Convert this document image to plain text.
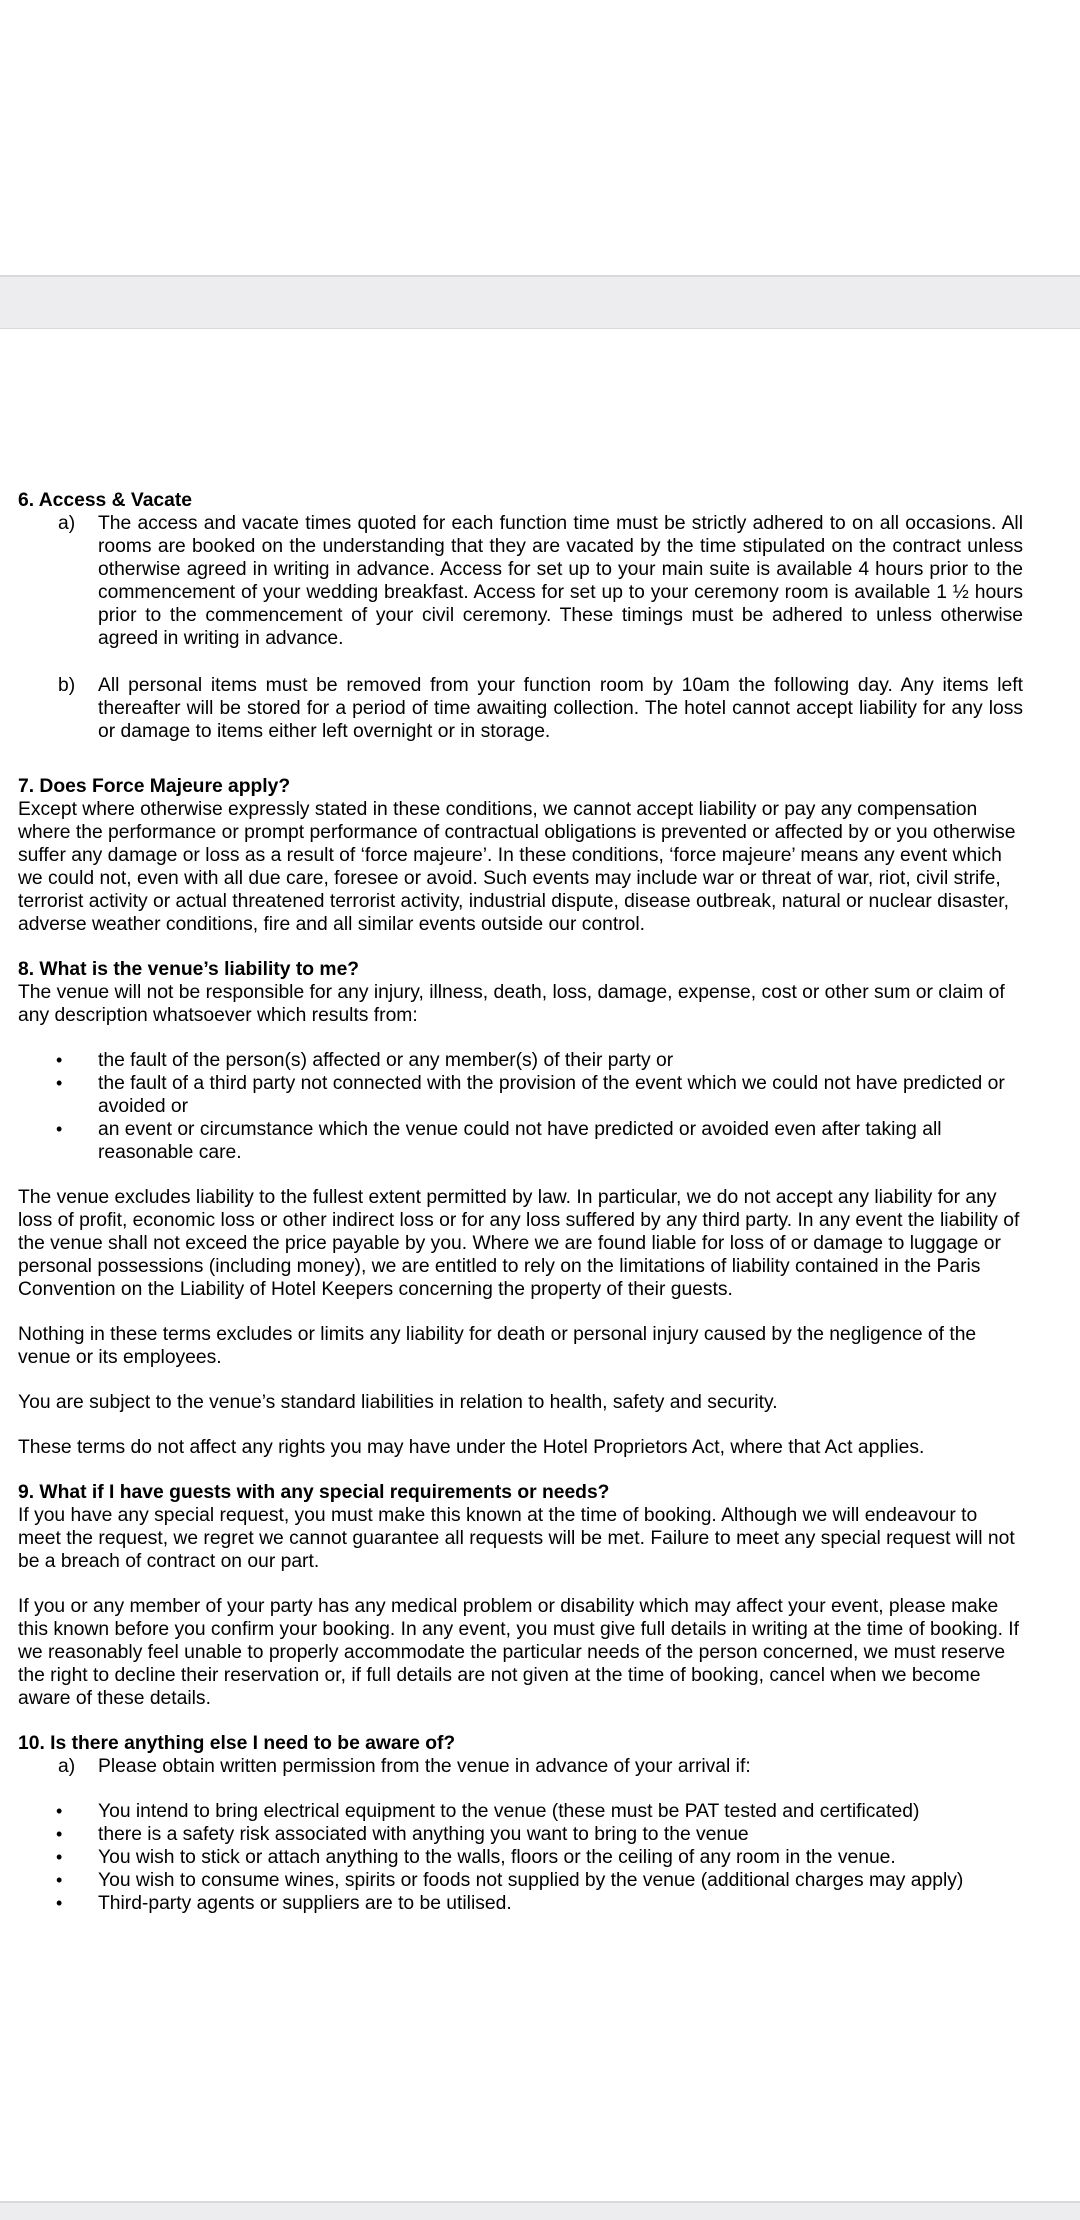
6. Access & Vacate

a)	The access and vacate times quoted for each function time must be strictly adhered to on all occasions. All rooms are booked on the understanding that they are vacated by the time stipulated on the contract unless otherwise agreed in writing in advance. Access for set up to your main suite is available 4 hours prior to the commencement of your wedding breakfast. Access for set up to your ceremony room is available 1 ½ hours prior to the commencement of your civil ceremony. These timings must be adhered to unless otherwise agreed in writing in advance.
b)	All personal items must be removed from your function room by 10am the following day. Any items left thereafter will be stored for a period of time awaiting collection. The hotel cannot accept liability for any loss or damage to items either left overnight or in storage.

7. Does Force Majeure apply?

Except where otherwise expressly stated in these conditions, we cannot accept liability or pay any compensation where the performance or prompt performance of contractual obligations is prevented or affected by or you otherwise suffer any damage or loss as a result of ‘force majeure’. In these conditions, ‘force majeure’ means any event which we could not, even with all due care, foresee or avoid. Such events may include war or threat of war, riot, civil strife, terrorist activity or actual threatened terrorist activity, industrial dispute, disease outbreak, natural or nuclear disaster, adverse weather conditions, fire and all similar events outside our control.

8. What is the venue’s liability to me?

The venue will not be responsible for any injury, illness, death, loss, damage, expense, cost or other sum or claim of any description whatsoever which results from:

•	the fault of the person(s) affected or any member(s) of their party or
•	the fault of a third party not connected with the provision of the event which we could not have predicted or avoided or
•	an event or circumstance which the venue could not have predicted or avoided even after taking all reasonable care.

The venue excludes liability to the fullest extent permitted by law. In particular, we do not accept any liability for any loss of profit, economic loss or other indirect loss or for any loss suffered by any third party. In any event the liability of the venue shall not exceed the price payable by you. Where we are found liable for loss of or damage to luggage or personal possessions (including money), we are entitled to rely on the limitations of liability contained in the Paris Convention on the Liability of Hotel Keepers concerning the property of their guests.

Nothing in these terms excludes or limits any liability for death or personal injury caused by the negligence of the venue or its employees.

You are subject to the venue’s standard liabilities in relation to health, safety and security.

These terms do not affect any rights you may have under the Hotel Proprietors Act, where that Act applies.

9. What if I have guests with any special requirements or needs?

If you have any special request, you must make this known at the time of booking. Although we will endeavour to meet the request, we regret we cannot guarantee all requests will be met. Failure to meet any special request will not be a breach of contract on our part.

If you or any member of your party has any medical problem or disability which may affect your event, please make this known before you confirm your booking. In any event, you must give full details in writing at the time of booking. If we reasonably feel unable to properly accommodate the particular needs of the person concerned, we must reserve the right to decline their reservation or, if full details are not given at the time of booking, cancel when we become aware of these details.

10. Is there anything else I need to be aware of?

a)	Please obtain written permission from the venue in advance of your arrival if:
•	You intend to bring electrical equipment to the venue (these must be PAT tested and certificated)
•	there is a safety risk associated with anything you want to bring to the venue
•	You wish to stick or attach anything to the walls, floors or the ceiling of any room in the venue.
•	You wish to consume wines, spirits or foods not supplied by the venue (additional charges may apply)
•	Third-party agents or suppliers are to be utilised.
